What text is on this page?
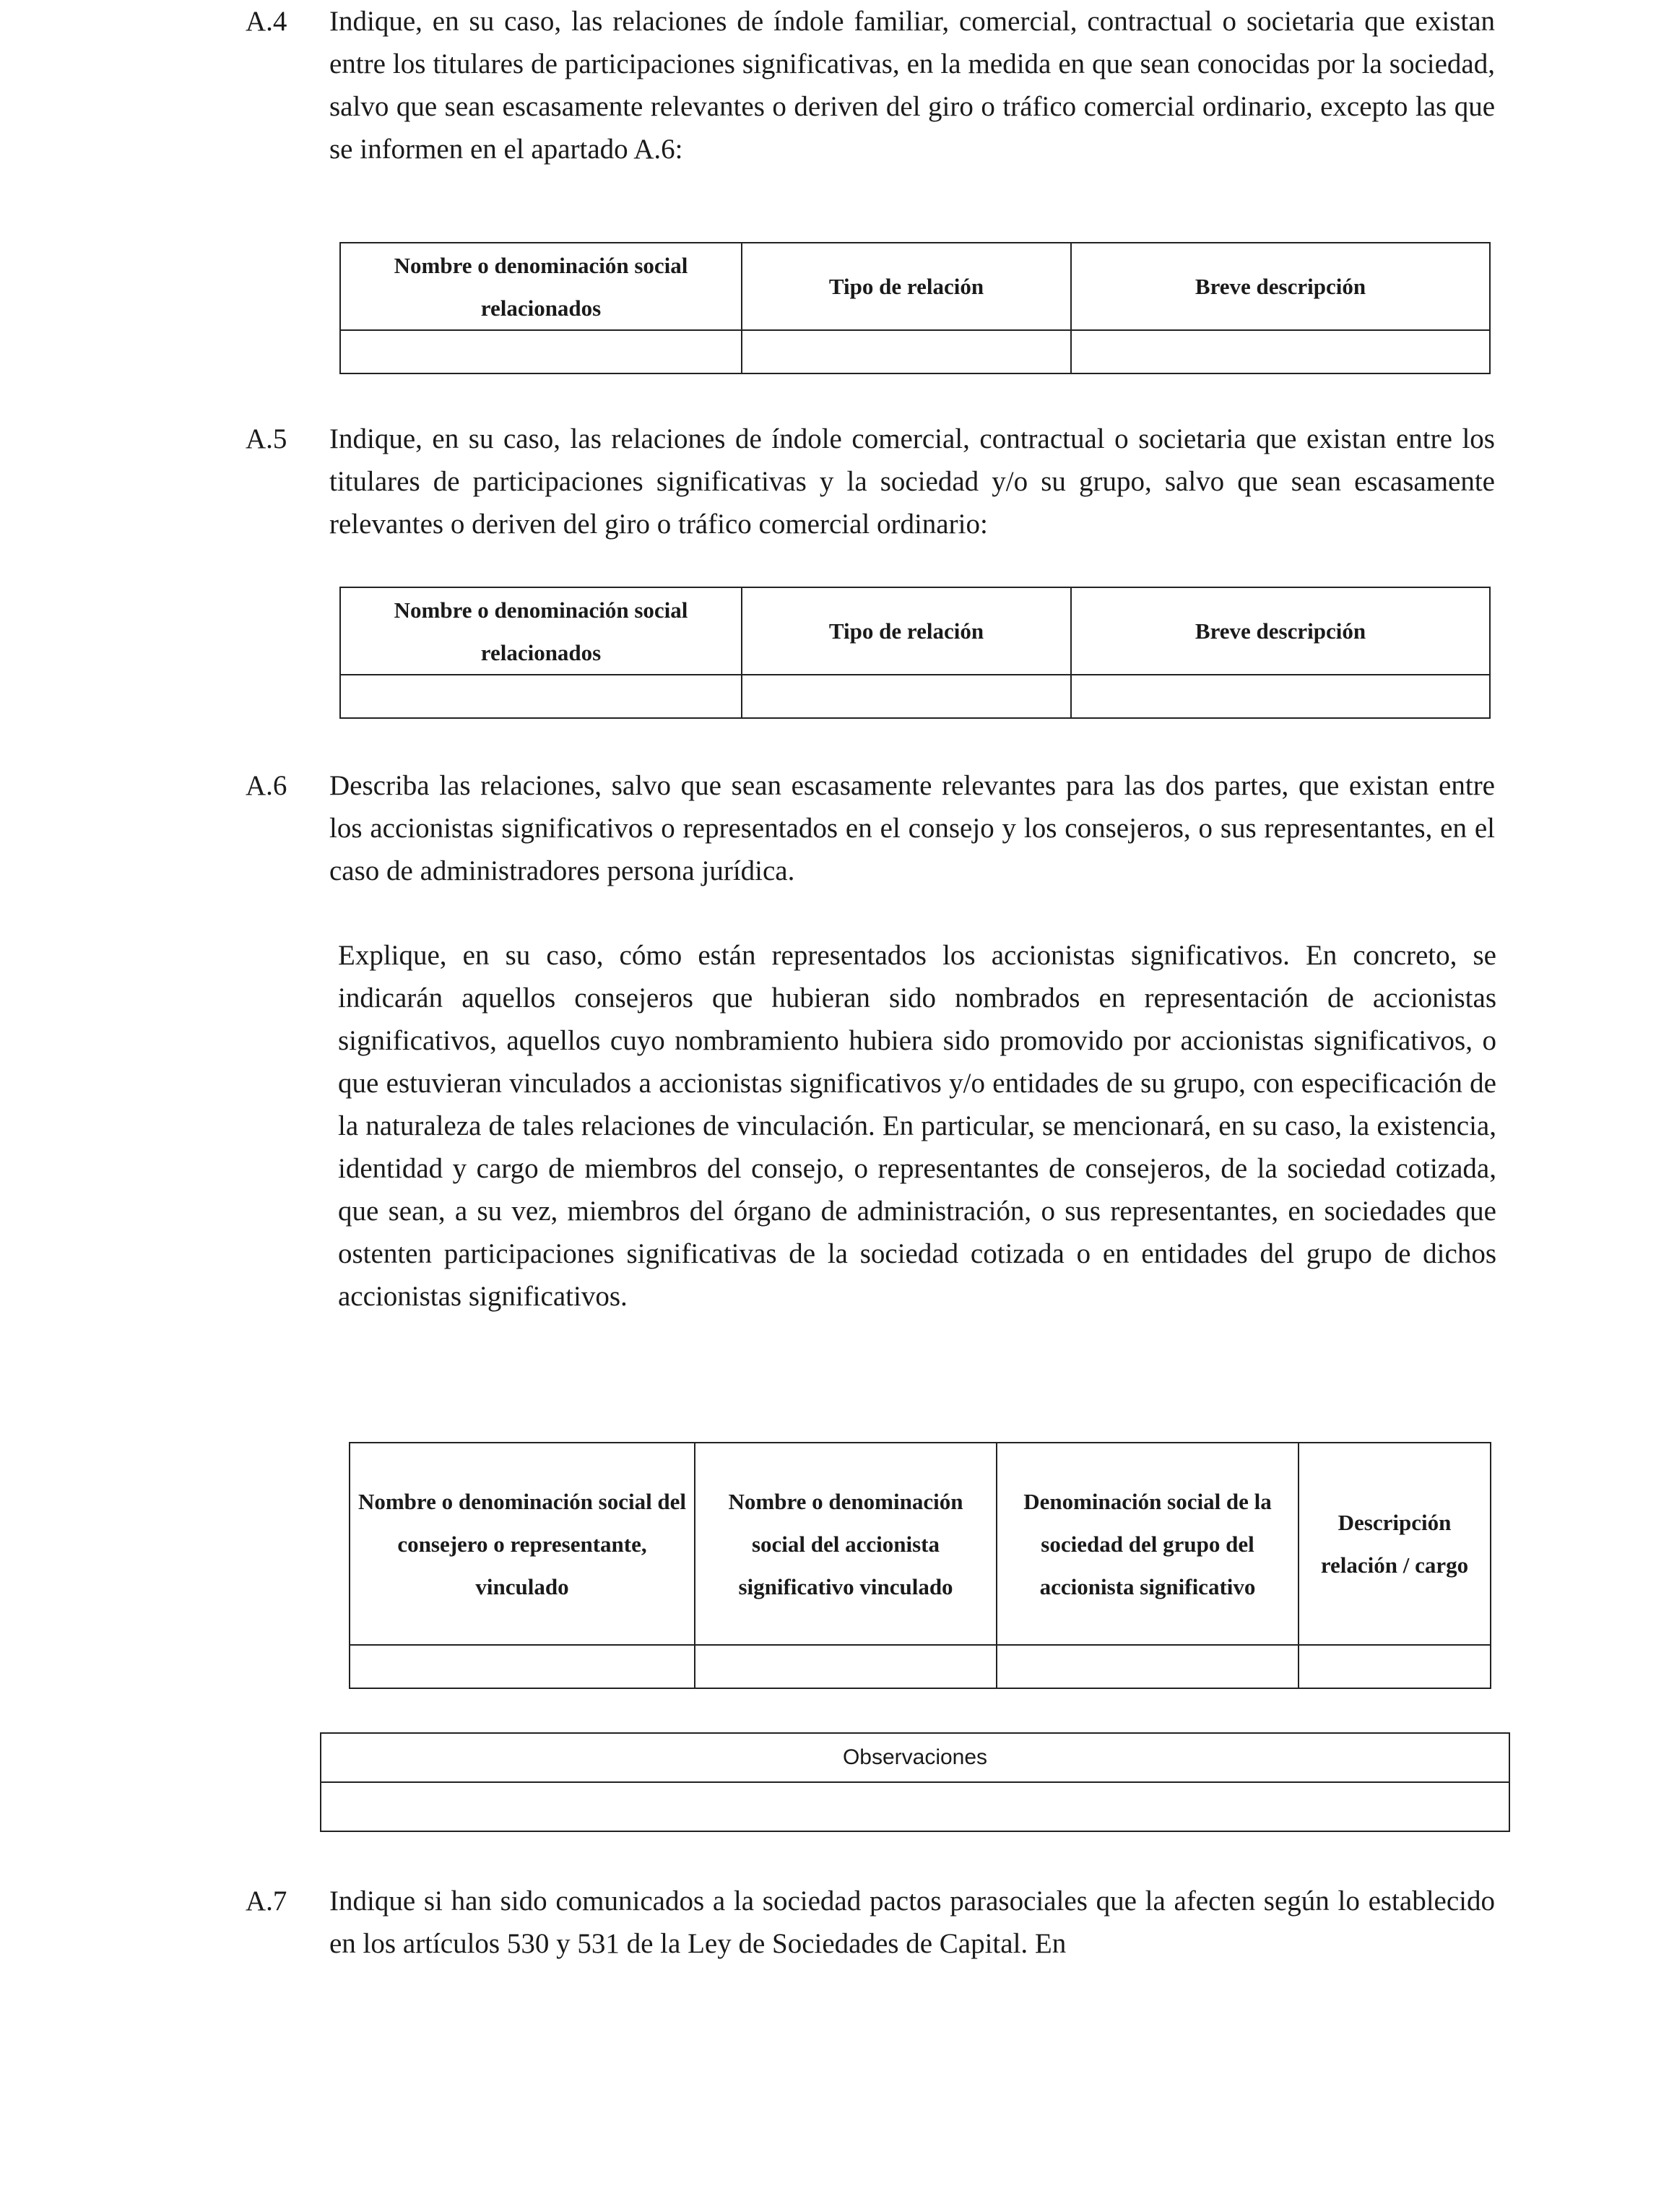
A.4 Indique, en su caso, las relaciones de índole familiar, comercial, contractual o societaria que existan entre los titulares de participaciones significativas, en la medida en que sean conocidas por la sociedad, salvo que sean escasamente relevantes o deriven del giro o tráfico comercial ordinario, excepto las que se informen en el apartado A.6:
Nombre o denominación social relacionados	Tipo de relación	Breve descripción

A.5 Indique, en su caso, las relaciones de índole comercial, contractual o societaria que existan entre los titulares de participaciones significativas y la sociedad y/o su grupo, salvo que sean escasamente relevantes o deriven del giro o tráfico comercial ordinario:
Nombre o denominación social relacionados	Tipo de relación	Breve descripción

A.6 Describa las relaciones, salvo que sean escasamente relevantes para las dos partes, que existan entre los accionistas significativos o representados en el consejo y los consejeros, o sus representantes, en el caso de administradores persona jurídica.
Explique, en su caso, cómo están representados los accionistas significativos. En concreto, se indicarán aquellos consejeros que hubieran sido nombrados en representación de accionistas significativos, aquellos cuyo nombramiento hubiera sido promovido por accionistas significativos, o que estuvieran vinculados a accionistas significativos y/o entidades de su grupo, con especificación de la naturaleza de tales relaciones de vinculación. En particular, se mencionará, en su caso, la existencia, identidad y cargo de miembros del consejo, o representantes de consejeros, de la sociedad cotizada, que sean, a su vez, miembros del órgano de administración, o sus representantes, en sociedades que ostenten participaciones significativas de la sociedad cotizada o en entidades del grupo de dichos accionistas significativos.
Nombre o denominación social del consejero o representante, vinculado	Nombre o denominación social del accionista significativo vinculado	Denominación social de la sociedad del grupo del accionista significativo	Descripción relación / cargo

Observaciones

A.7 Indique si han sido comunicados a la sociedad pactos parasociales que la afecten según lo establecido en los artículos 530 y 531 de la Ley de Sociedades de Capital. En
